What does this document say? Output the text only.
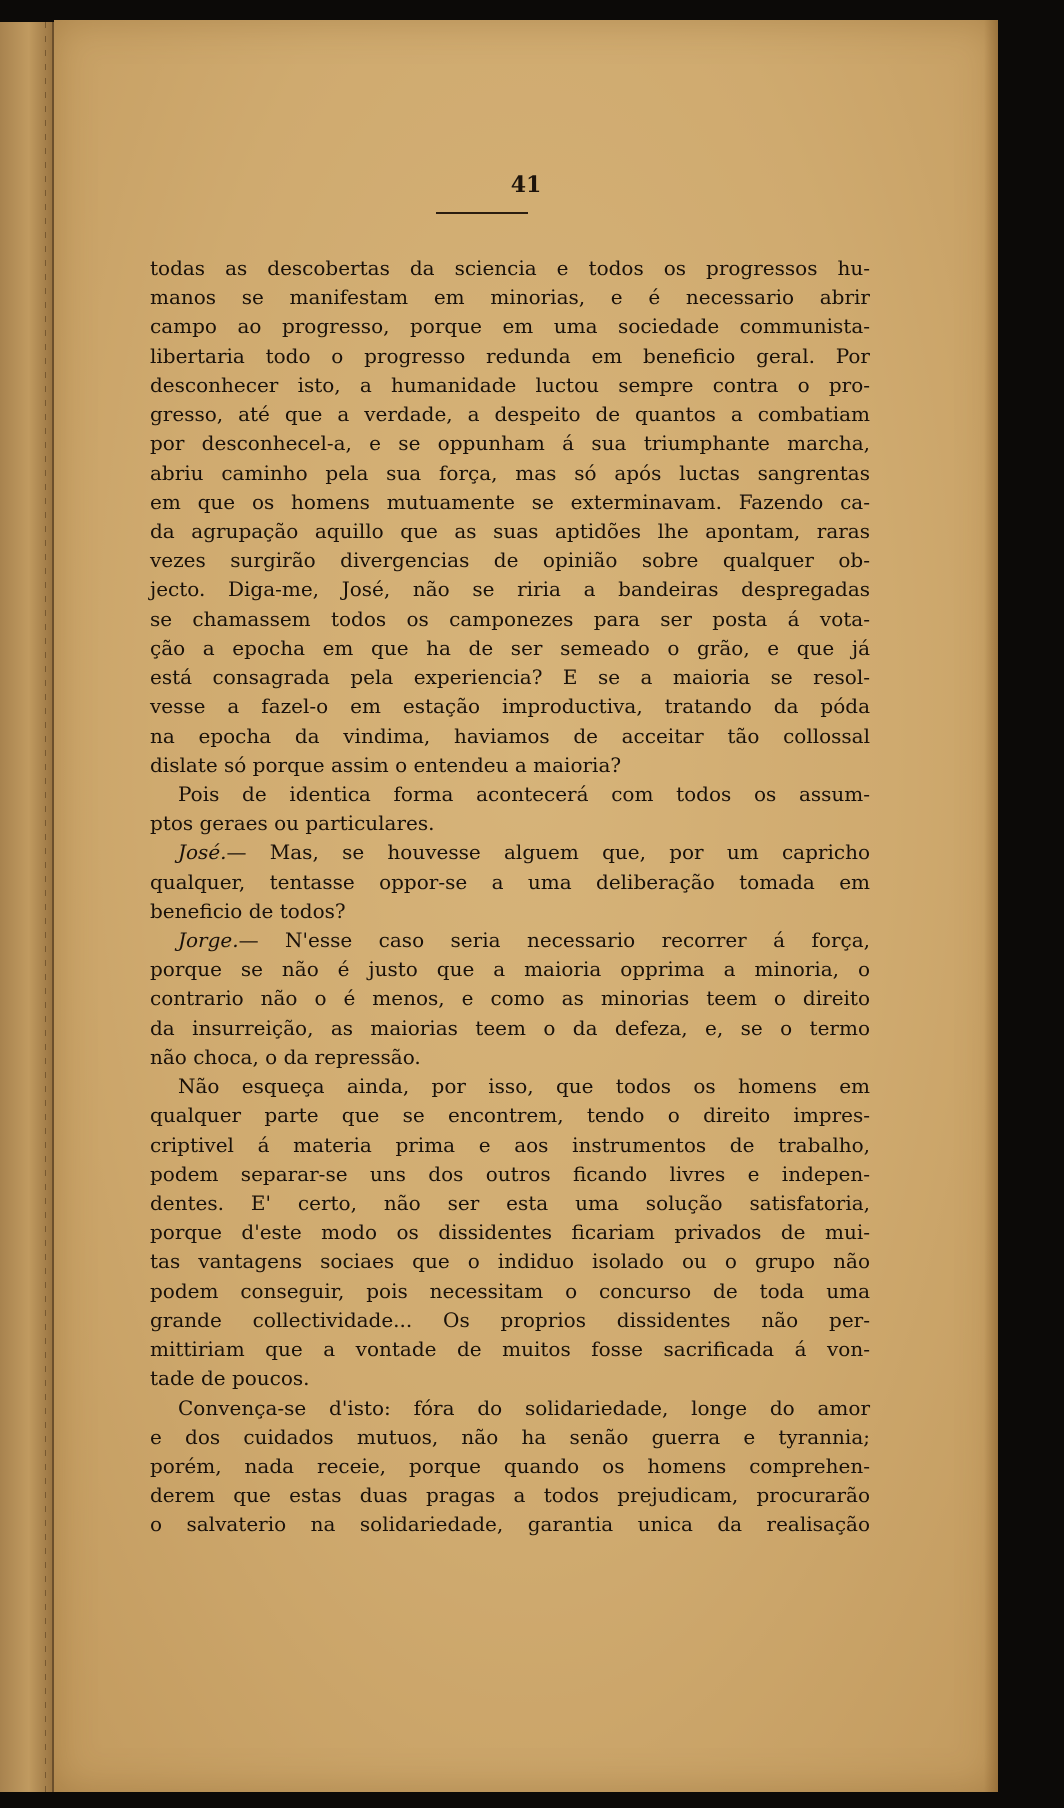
41
todas as descobertas da sciencia e todos os progressos hu-
manos se manifestam em minorias, e é necessario abrir
campo ao progresso, porque em uma sociedade communista-
libertaria todo o progresso redunda em beneficio geral. Por
desconhecer isto, a humanidade luctou sempre contra o pro-
gresso, até que a verdade, a despeito de quantos a combatiam
por desconhecel-a, e se oppunham á sua triumphante marcha,
abriu caminho pela sua força, mas só após luctas sangrentas
em que os homens mutuamente se exterminavam. Fazendo ca-
da agrupação aquillo que as suas aptidões lhe apontam, raras
vezes surgirão divergencias de opinião sobre qualquer ob-
jecto. Diga-me, José, não se riria a bandeiras despregadas
se chamassem todos os camponezes para ser posta á vota-
ção a epocha em que ha de ser semeado o grão, e que já
está consagrada pela experiencia? E se a maioria se resol-
vesse a fazel-o em estação improductiva, tratando da póda
na epocha da vindima, haviamos de acceitar tão collossal
dislate só porque assim o entendeu a maioria?
Pois de identica forma acontecerá com todos os assum-
ptos geraes ou particulares.
José.— Mas, se houvesse alguem que, por um capricho
qualquer, tentasse oppor-se a uma deliberação tomada em
beneficio de todos?
Jorge.— N'esse caso seria necessario recorrer á força,
porque se não é justo que a maioria opprima a minoria, o
contrario não o é menos, e como as minorias teem o direito
da insurreição, as maiorias teem o da defeza, e, se o termo
não choca, o da repressão.
Não esqueça ainda, por isso, que todos os homens em
qualquer parte que se encontrem, tendo o direito impres-
criptivel á materia prima e aos instrumentos de trabalho,
podem separar-se uns dos outros ficando livres e indepen-
dentes. E' certo, não ser esta uma solução satisfatoria,
porque d'este modo os dissidentes ficariam privados de mui-
tas vantagens sociaes que o indiduo isolado ou o grupo não
podem conseguir, pois necessitam o concurso de toda uma
grande collectividade... Os proprios dissidentes não per-
mittiriam que a vontade de muitos fosse sacrificada á von-
tade de poucos.
Convença-se d'isto: fóra do solidariedade, longe do amor
e dos cuidados mutuos, não ha senão guerra e tyrannia;
porém, nada receie, porque quando os homens comprehen-
derem que estas duas pragas a todos prejudicam, procurarão
o salvaterio na solidariedade, garantia unica da realisação
